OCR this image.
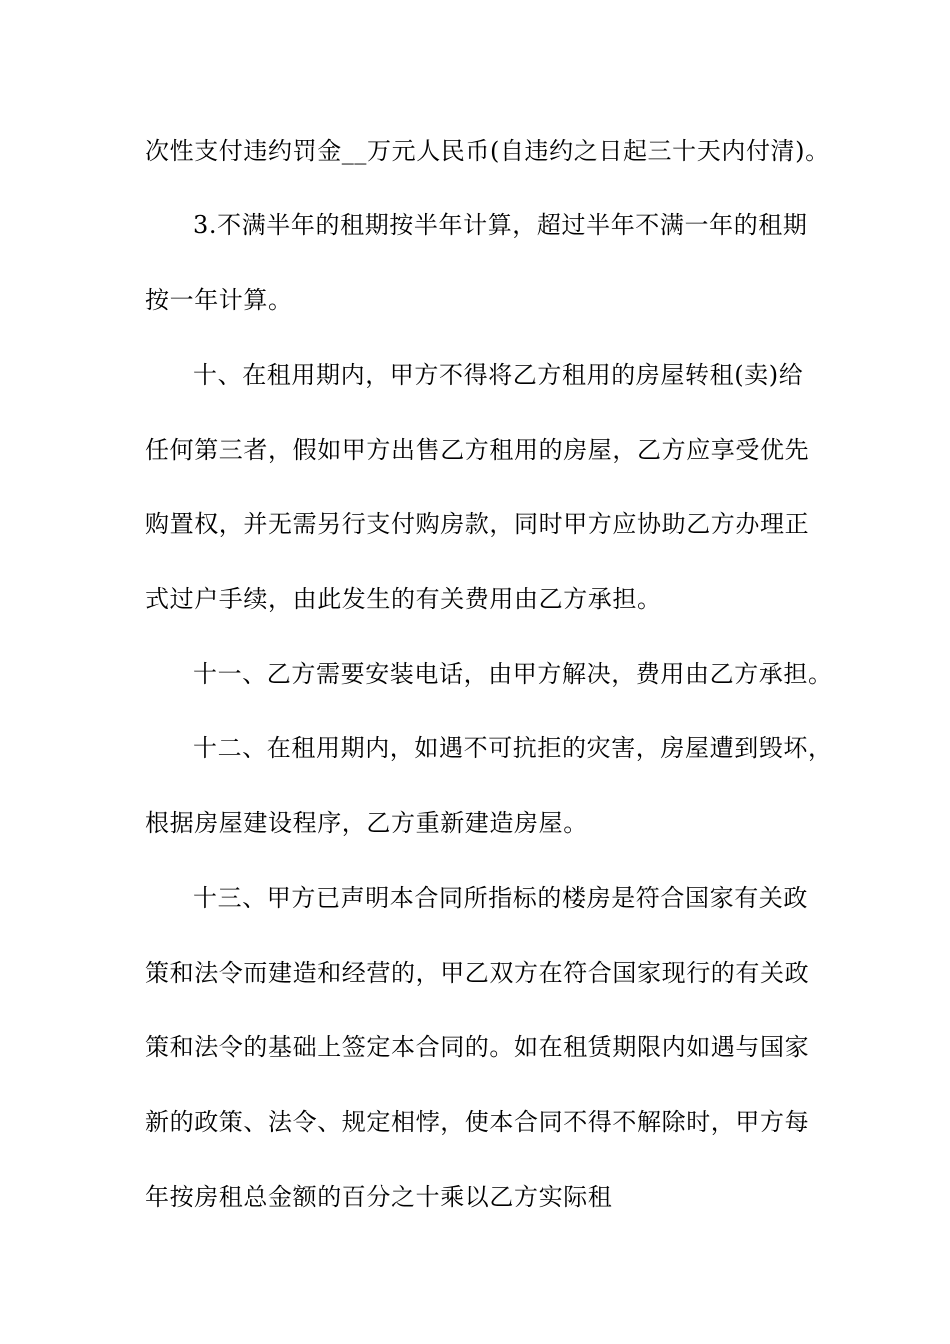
次性支付违约罚金__万元人民币(自违约之日起三十天内付清)。
3.不满半年的租期按半年计算，超过半年不满一年的租期
按一年计算。
十、在租用期内，甲方不得将乙方租用的房屋转租(卖)给
任何第三者，假如甲方出售乙方租用的房屋，乙方应享受优先
购置权，并无需另行支付购房款，同时甲方应协助乙方办理正
式过户手续，由此发生的有关费用由乙方承担。
十一、乙方需要安装电话，由甲方解决，费用由乙方承担。
十二、在租用期内，如遇不可抗拒的灾害，房屋遭到毁坏，
根据房屋建设程序，乙方重新建造房屋。
十三、甲方已声明本合同所指标的楼房是符合国家有关政
策和法令而建造和经营的，甲乙双方在符合国家现行的有关政
策和法令的基础上签定本合同的。如在租赁期限内如遇与国家
新的政策、法令、规定相悖，使本合同不得不解除时，甲方每
年按房租总金额的百分之十乘以乙方实际租
